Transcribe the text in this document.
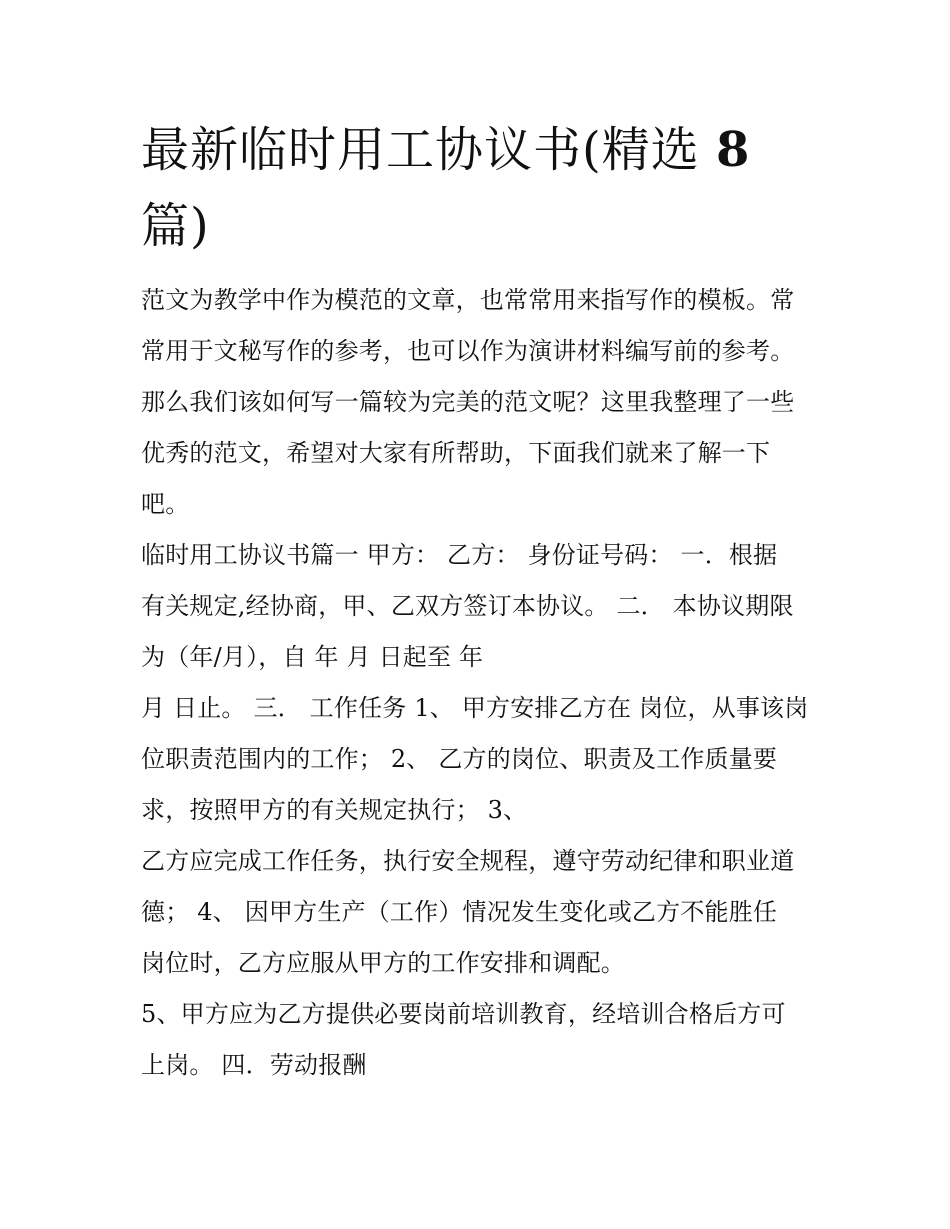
最新临时用工协议书(精选 8
篇)

范文为教学中作为模范的文章，也常常用来指写作的模板。常

常用于文秘写作的参考，也可以作为演讲材料编写前的参考。

那么我们该如何写一篇较为完美的范文呢？这里我整理了一些

优秀的范文，希望对大家有所帮助，下面我们就来了解一下

吧。

临时用工协议书篇一 甲方： 乙方： 身份证号码： 一．根据

有关规定,经协商，甲、乙双方签订本协议。 二． 本协议期限

为（年/月），自 年 月 日起至 年

月 日止。 三． 工作任务 1、 甲方安排乙方在 岗位，从事该岗

位职责范围内的工作； 2、 乙方的岗位、职责及工作质量要

求，按照甲方的有关规定执行； 3、

乙方应完成工作任务，执行安全规程，遵守劳动纪律和职业道

德； 4、 因甲方生产（工作）情况发生变化或乙方不能胜任

岗位时，乙方应服从甲方的工作安排和调配。

5、甲方应为乙方提供必要岗前培训教育，经培训合格后方可

上岗。 四．劳动报酬
